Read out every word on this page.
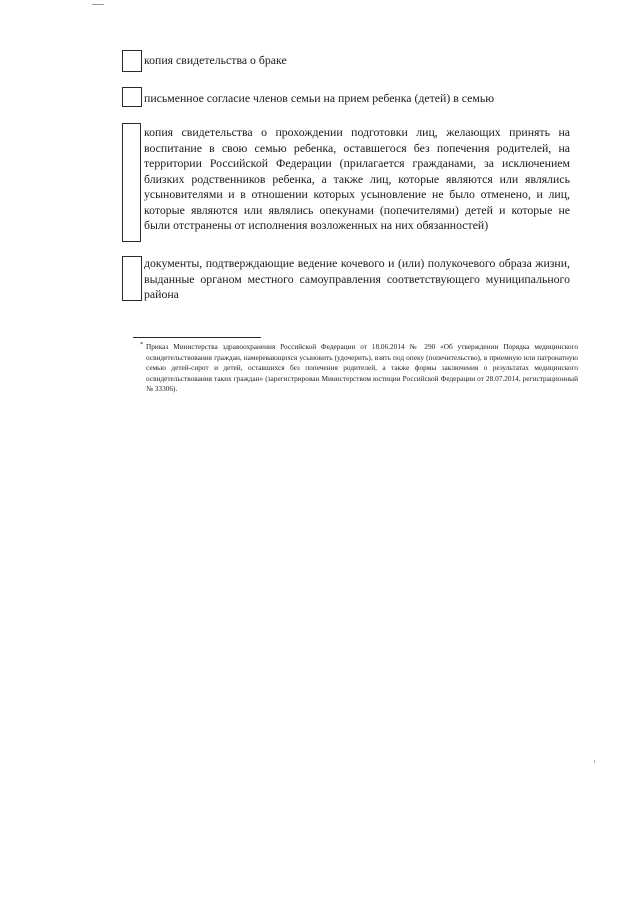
копия свидетельства о браке
письменное согласие членов семьи на прием ребенка (детей) в семью
копия свидетельства о прохождении подготовки лиц, желающих принять на воспитание в свою семью ребенка, оставшегося без попечения родителей, на территории Российской Федерации (прилагается гражданами, за исключением близких родственников ребенка, а также лиц, которые являются или являлись усыновителями и в отношении которых усыновление не было отменено, и лиц, которые являются или являлись опекунами (попечителями) детей и которые не были отстранены от исполнения возложенных на них обязанностей)
документы, подтверждающие ведение кочевого и (или) полукочевого образа жизни, выданные органом местного самоуправления соответствующего муниципального района
* Приказ Министерства здравоохранения Российской Федерации от 18.06.2014 № 290 «Об утверждении Порядка медицинского освидетельствования граждан, намеревающихся усыновить (удочерить), взять под опеку (попечительство), в приемную или патронатную семью детей-сирот и детей, оставшихся без попечения родителей, а также формы заключения о результатах медицинского освидетельствования таких граждан» (зарегистрирован Министерством юстиции Российской Федерации от 28.07.2014, регистрационный № 33306).
